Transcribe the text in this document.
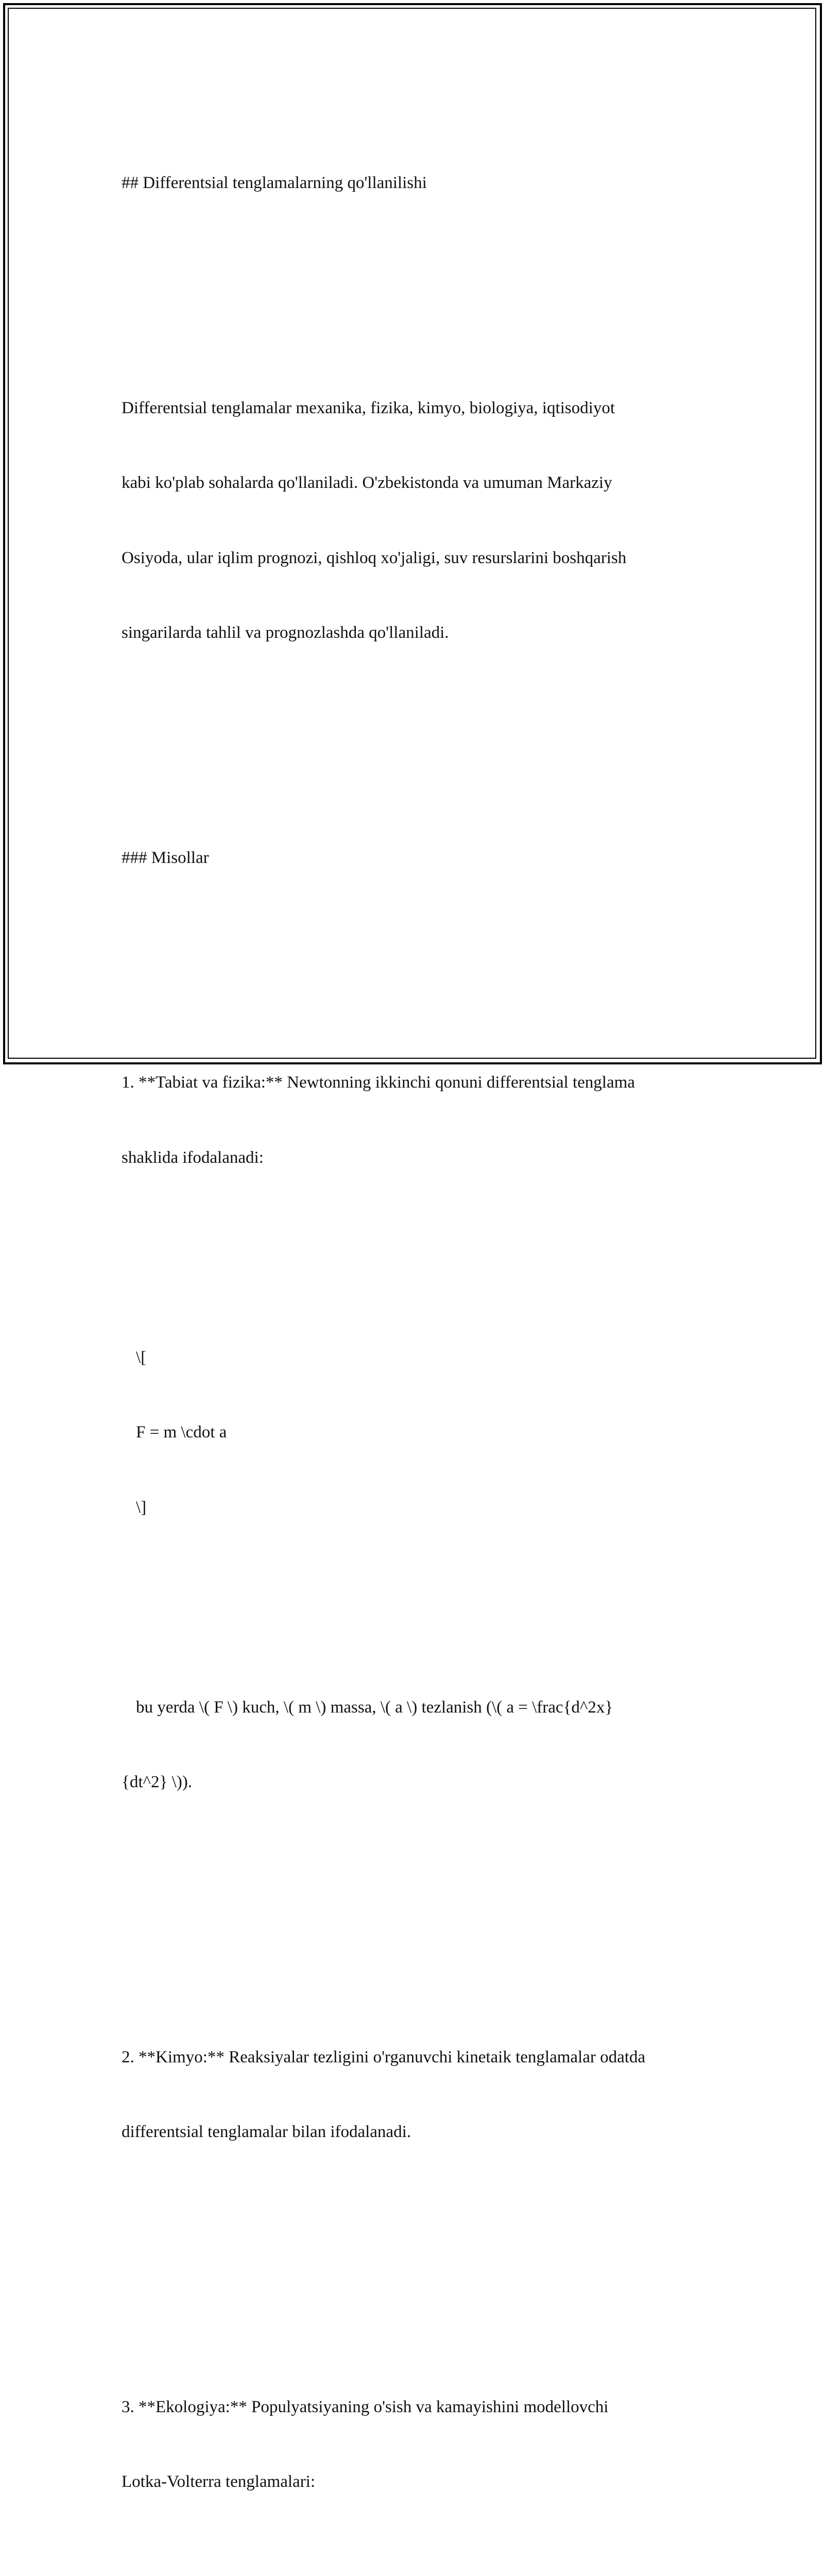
## Differentsial tenglamalarning qo'llanilishi

Differentsial tenglamalar mexanika, fizika, kimyo, biologiya, iqtisodiyot

kabi ko'plab sohalarda qo'llaniladi. O'zbekistonda va umuman Markaziy

Osiyoda, ular iqlim prognozi, qishloq xo'jaligi, suv resurslarini boshqarish

singarilarda tahlil va prognozlashda qo'llaniladi.

### Misollar

1. **Tabiat va fizika:** Newtonning ikkinchi qonuni differentsial tenglama

shaklida ifodalanadi:

\[

F = m \cdot a

\]

bu yerda \( F \) kuch, \( m \) massa, \( a \) tezlanish (\( a = \frac{d^2x}

{dt^2} \)).

2. **Kimyo:** Reaksiyalar tezligini o'rganuvchi kinetaik tenglamalar odatda

differentsial tenglamalar bilan ifodalanadi.

3. **Ekologiya:** Populyatsiyaning o'sish va kamayishini modellovchi

Lotka-Volterra tenglamalari:
